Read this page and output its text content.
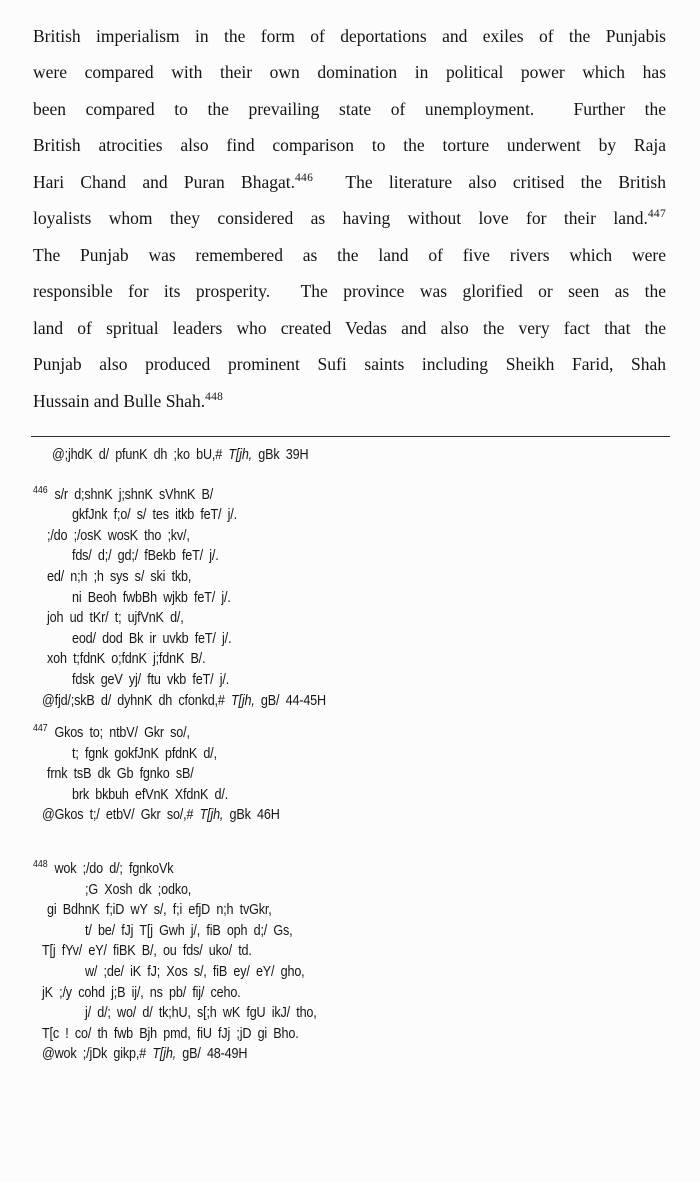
British imperialism in the form of deportations and exiles of the Punjabis
were compared with their own domination in political power which has
been compared to the prevailing state of unemployment.  Further the
British atrocities also find comparison to the torture underwent by Raja
Hari Chand and Puran Bhagat.$^{446}$  The literature also critised the British
loyalists whom they considered as having without love for their land.$^{447}$
The Punjab was remembered as the land of five rivers which were
responsible for its prosperity.  The province was glorified or seen as the
land of spritual leaders who created Vedas and also the very fact that the
Punjab also produced prominent Sufi saints including Sheikh Farid, Shah
Hussain and Bulle Shah.$^{448}$
@;jhdK d/ pfunK dh ;ko bU,# T[jh, gBk 39H
$^{446}$ s/r d;shnK j;shnK sVhnK B/
gkfJnk f;o/ s/ tes itkb feT/ j/.
;/do ;/osK wosK tho ;kv/,
fds/ d;/ gd;/ fBekb feT/ j/.
ed/ n;h ;h sys s/ ski tkb,
ni Beoh fwbBh wjkb feT/ j/.
joh ud tKr/ t; ujfVnK d/,
eod/ dod Bk ir uvkb feT/ j/.
xoh t;fdnK o;fdnK j;fdnK B/.
fdsk geV yj/ ftu vkb feT/ j/.
@fjd/;skB d/ dyhnK dh cfonkd,# T[jh, gB/ 44-45H
$^{447}$ Gkos to; ntbV/ Gkr so/,
t; fgnk gokfJnK pfdnK d/,
frnk tsB dk Gb fgnko sB/
brk bkbuh efVnK XfdnK d/.
@Gkos t;/ etbV/ Gkr so/,# T[jh, gBk 46H
$^{448}$ wok ;/do d/; fgnkoVk
;G Xosh dk ;odko,
gi BdhnK f;iD wY s/, f;i efjD n;h tvGkr,
t/ be/ fJj T[j Gwh j/, fiB oph d;/ Gs,
T[j fYv/ eY/ fiBK B/, ou fds/ uko/ td.
w/ ;de/ iK fJ; Xos s/, fiB ey/ eY/ gho,
jK ;/y cohd j;B ij/, ns pb/ fij/ ceho.
j/ d/; wo/ d/ tk;hU, s[;h wK fgU ikJ/ tho,
T[c ! co/ th fwb Bjh pmd, fiU fJj ;jD gi Bho.
@wok ;/jDk gikp,# T[jh, gB/ 48-49H
